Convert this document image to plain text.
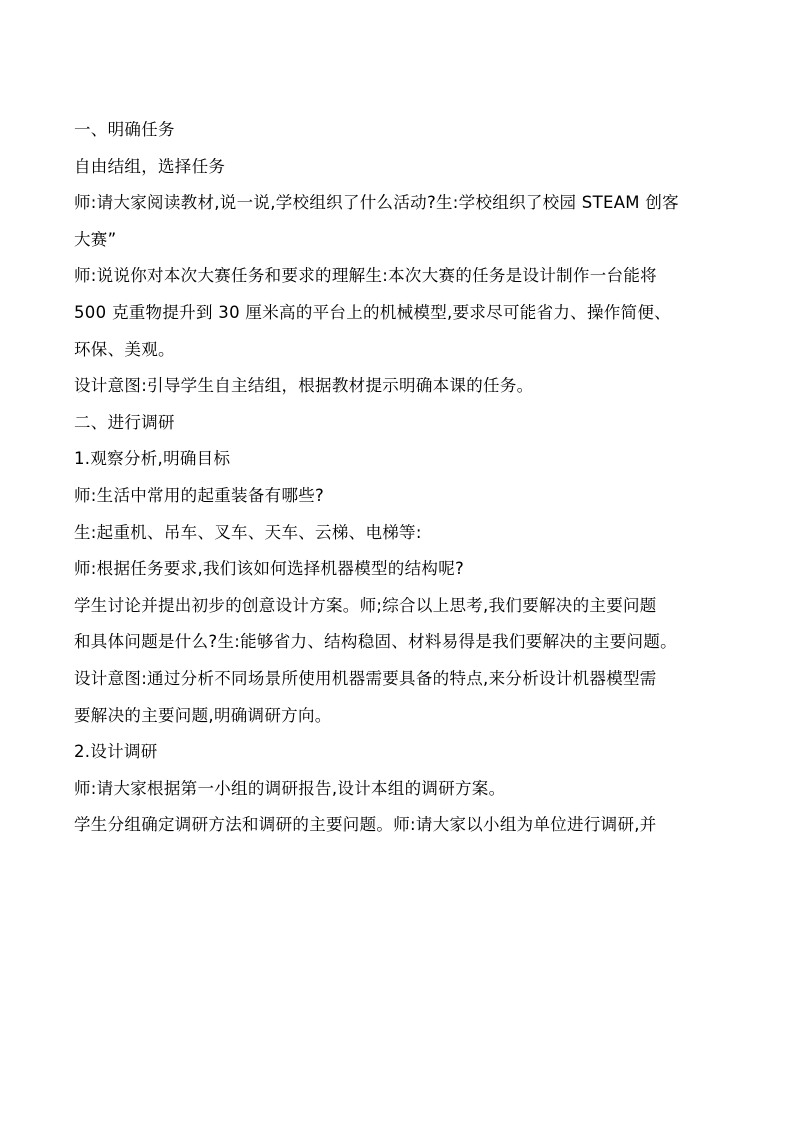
一、明确任务

自由结组，选择任务

师:请大家阅读教材,说一说,学校组织了什么活动?生:学校组织了校园 STEAM 创客

大赛”

师:说说你对本次大赛任务和要求的理解生:本次大赛的任务是设计制作一台能将

500 克重物提升到 30 厘米高的平台上的机械模型,要求尽可能省力、操作简便、

环保、美观。

设计意图:引导学生自主结组，根据教材提示明确本课的任务。

二、进行调研

1.观察分析,明确目标

师:生活中常用的起重装备有哪些?

生:起重机、吊车、叉车、天车、云梯、电梯等:

师:根据任务要求,我们该如何选择机器模型的结构呢?

学生讨论并提出初步的创意设计方案。师;综合以上思考,我们要解决的主要问题

和具体问题是什么?生:能够省力、结构稳固、材料易得是我们要解决的主要问题。

设计意图:通过分析不同场景所使用机器需要具备的特点,来分析设计机器模型需

要解决的主要问题,明确调研方向。

2.设计调研

师:请大家根据第一小组的调研报告,设计本组的调研方案。

学生分组确定调研方法和调研的主要问题。师:请大家以小组为单位进行调研,并
